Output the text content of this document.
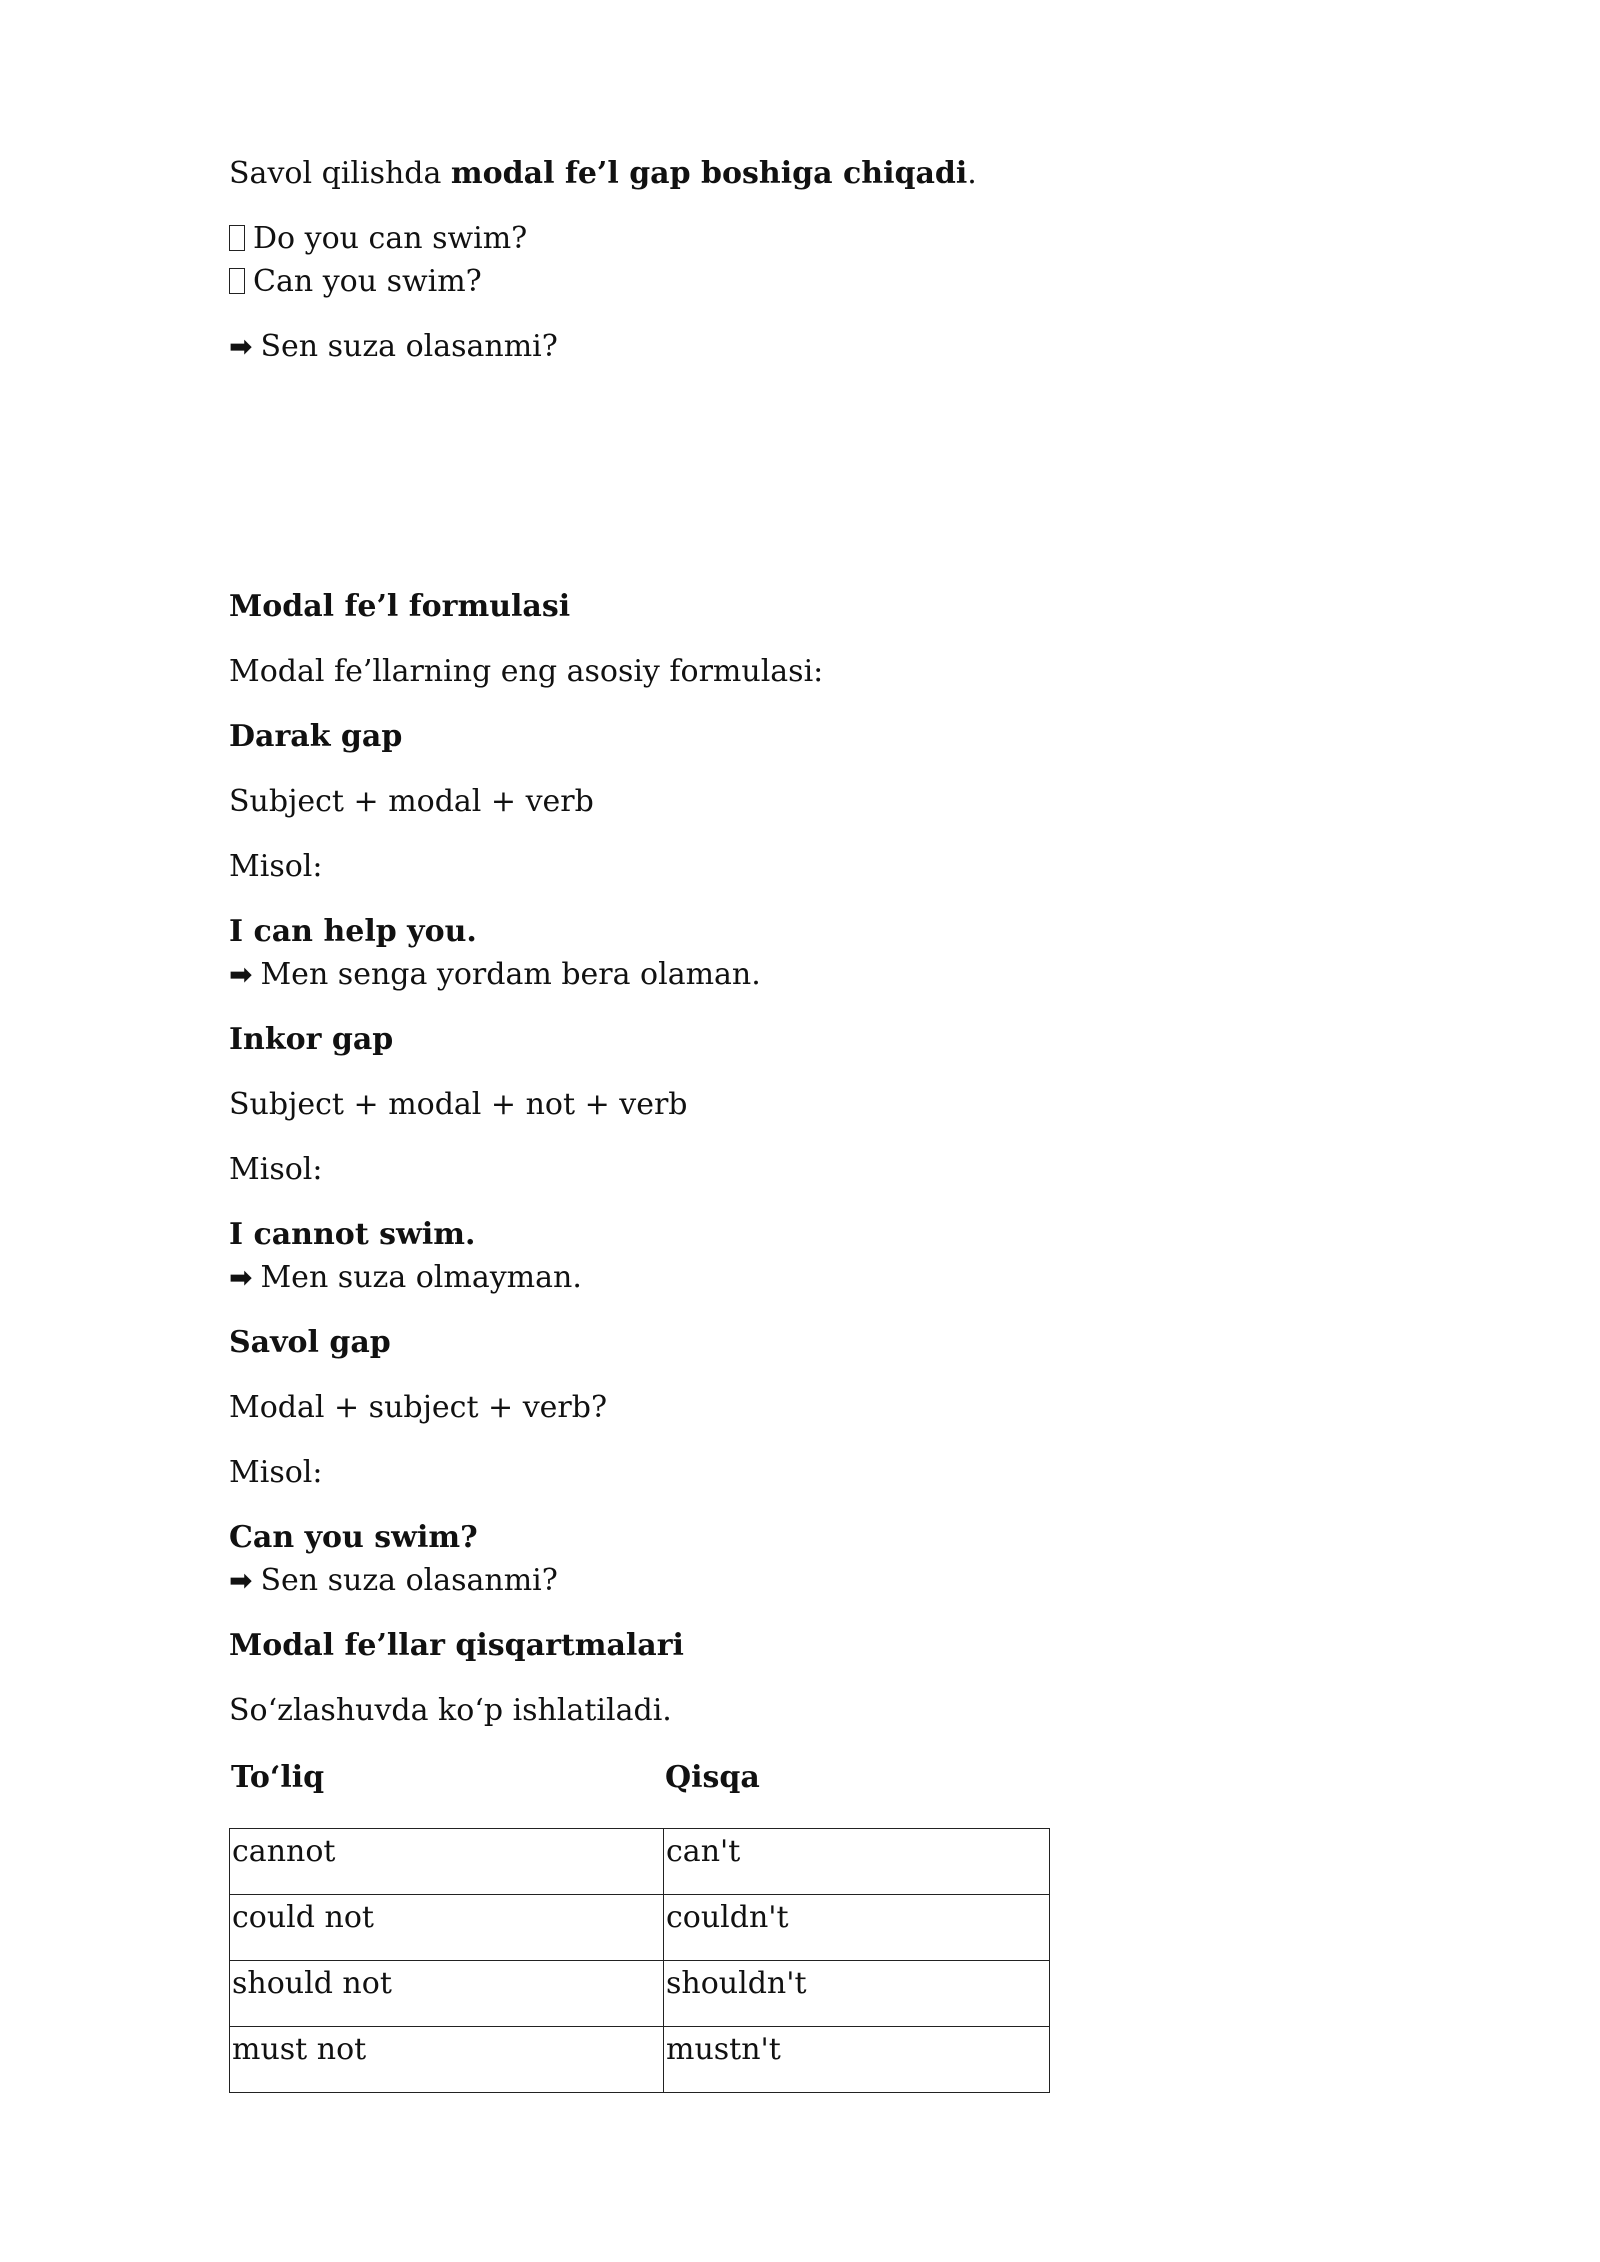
Savol qilishda modal fe’l gap boshiga chiqadi.
Do you can swim?
Can you swim?
➡ Sen suza olasanmi?
Modal fe’l formulasi
Modal fe’llarning eng asosiy formulasi:
Darak gap
Subject + modal + verb
Misol:
I can help you.
➡ Men senga yordam bera olaman.
Inkor gap
Subject + modal + not + verb
Misol:
I cannot swim.
➡ Men suza olmayman.
Savol gap
Modal + subject + verb?
Misol:
Can you swim?
➡ Sen suza olasanmi?
Modal fe’llar qisqartmalari
So‘zlashuvda ko‘p ishlatiladi.
To‘liq	Qisqa
cannot	can't
could not	couldn't
should not	shouldn't
must not	mustn't
